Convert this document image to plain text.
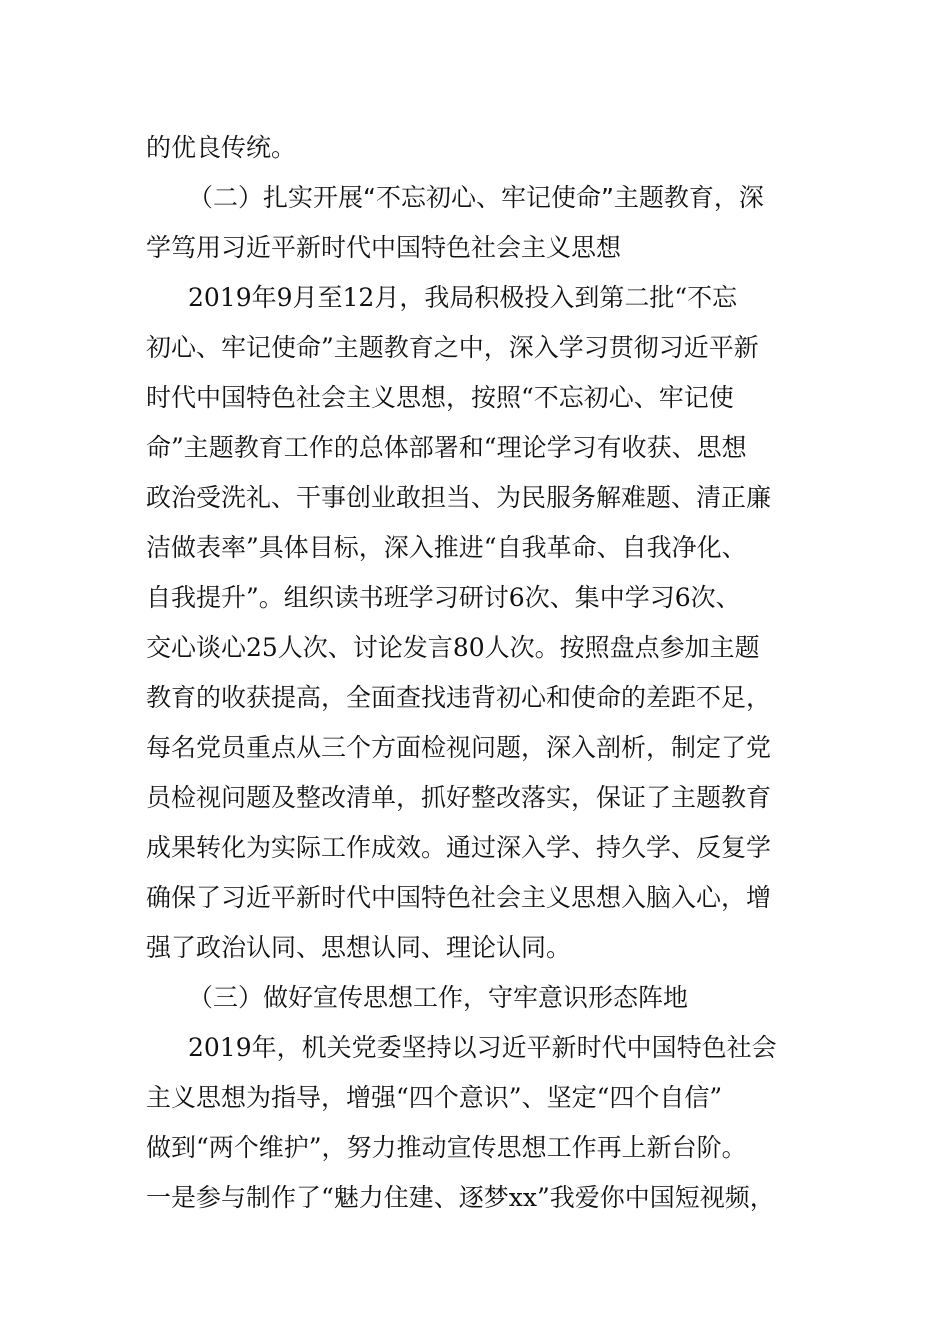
的优良传统。
（二）扎实开展“不忘初心、牢记使命”主题教育，深
学笃用习近平新时代中国特色社会主义思想
2019年9月至12月，我局积极投入到第二批“不忘
初心、牢记使命”主题教育之中，深入学习贯彻习近平新
时代中国特色社会主义思想，按照“不忘初心、牢记使
命”主题教育工作的总体部署和“理论学习有收获、思想
政治受洗礼、干事创业敢担当、为民服务解难题、清正廉
洁做表率”具体目标，深入推进“自我革命、自我净化、
自我提升”。组织读书班学习研讨6次、集中学习6次、
交心谈心25人次、讨论发言80人次。按照盘点参加主题
教育的收获提高，全面查找违背初心和使命的差距不足，
每名党员重点从三个方面检视问题，深入剖析，制定了党
员检视问题及整改清单，抓好整改落实，保证了主题教育
成果转化为实际工作成效。通过深入学、持久学、反复学
确保了习近平新时代中国特色社会主义思想入脑入心，增
强了政治认同、思想认同、理论认同。
（三）做好宣传思想工作，守牢意识形态阵地
2019年，机关党委坚持以习近平新时代中国特色社会
主义思想为指导，增强“四个意识”、坚定“四个自信”
做到“两个维护”，努力推动宣传思想工作再上新台阶。
一是参与制作了“魅力住建、逐梦xx”我爱你中国短视频，
